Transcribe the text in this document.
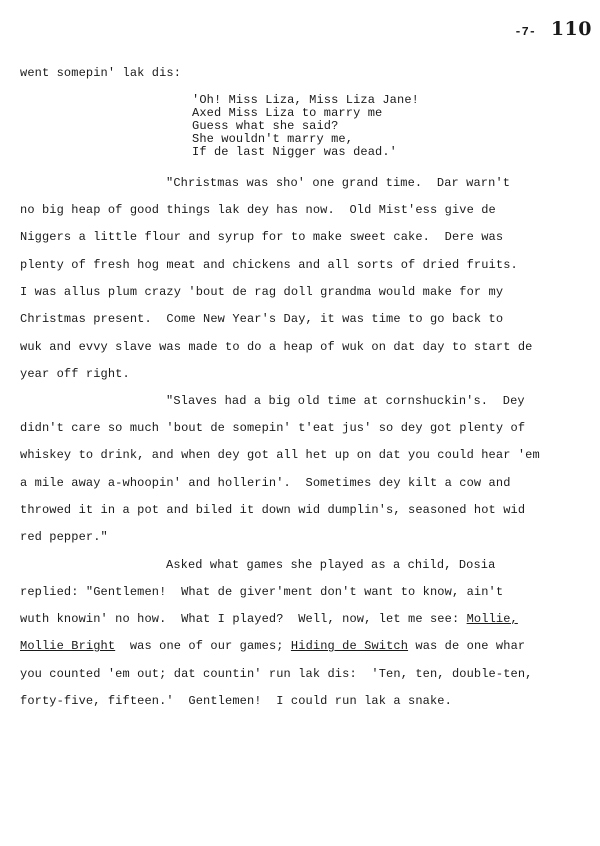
-7- 110
went somepin' lak dis:
'Oh! Miss Liza, Miss Liza Jane!
Axed Miss Liza to marry me
Guess what she said?
She wouldn't marry me,
If de last Nigger was dead.'
"Christmas was sho' one grand time.  Dar warn't
no big heap of good things lak dey has now.  Old Mist'ess give de
Niggers a little flour and syrup for to make sweet cake.  Dere was
plenty of fresh hog meat and chickens and all sorts of dried fruits.
I was allus plum crazy 'bout de rag doll grandma would make for my
Christmas present.  Come New Year's Day, it was time to go back to
wuk and evvy slave was made to do a heap of wuk on dat day to start de
year off right.
"Slaves had a big old time at cornshuckin's.  Dey
didn't care so much 'bout de somepin' t'eat jus' so dey got plenty of
whiskey to drink, and when dey got all het up on dat you could hear 'em
a mile away a-whoopin' and hollerin'.  Sometimes dey kilt a cow and
throwed it in a pot and biled it down wid dumplin's, seasoned hot wid
red pepper."
Asked what games she played as a child, Dosia
replied: "Gentlemen!  What de giver'ment don't want to know, ain't
wuth knowin' no how.  What I played?  Well, now, let me see: Mollie,
Mollie Bright was one of our games; Hiding de Switch was de one whar
you counted 'em out; dat countin' run lak dis:  'Ten, ten, double-ten,
forty-five, fifteen.'  Gentlemen!  I could run lak a snake.
